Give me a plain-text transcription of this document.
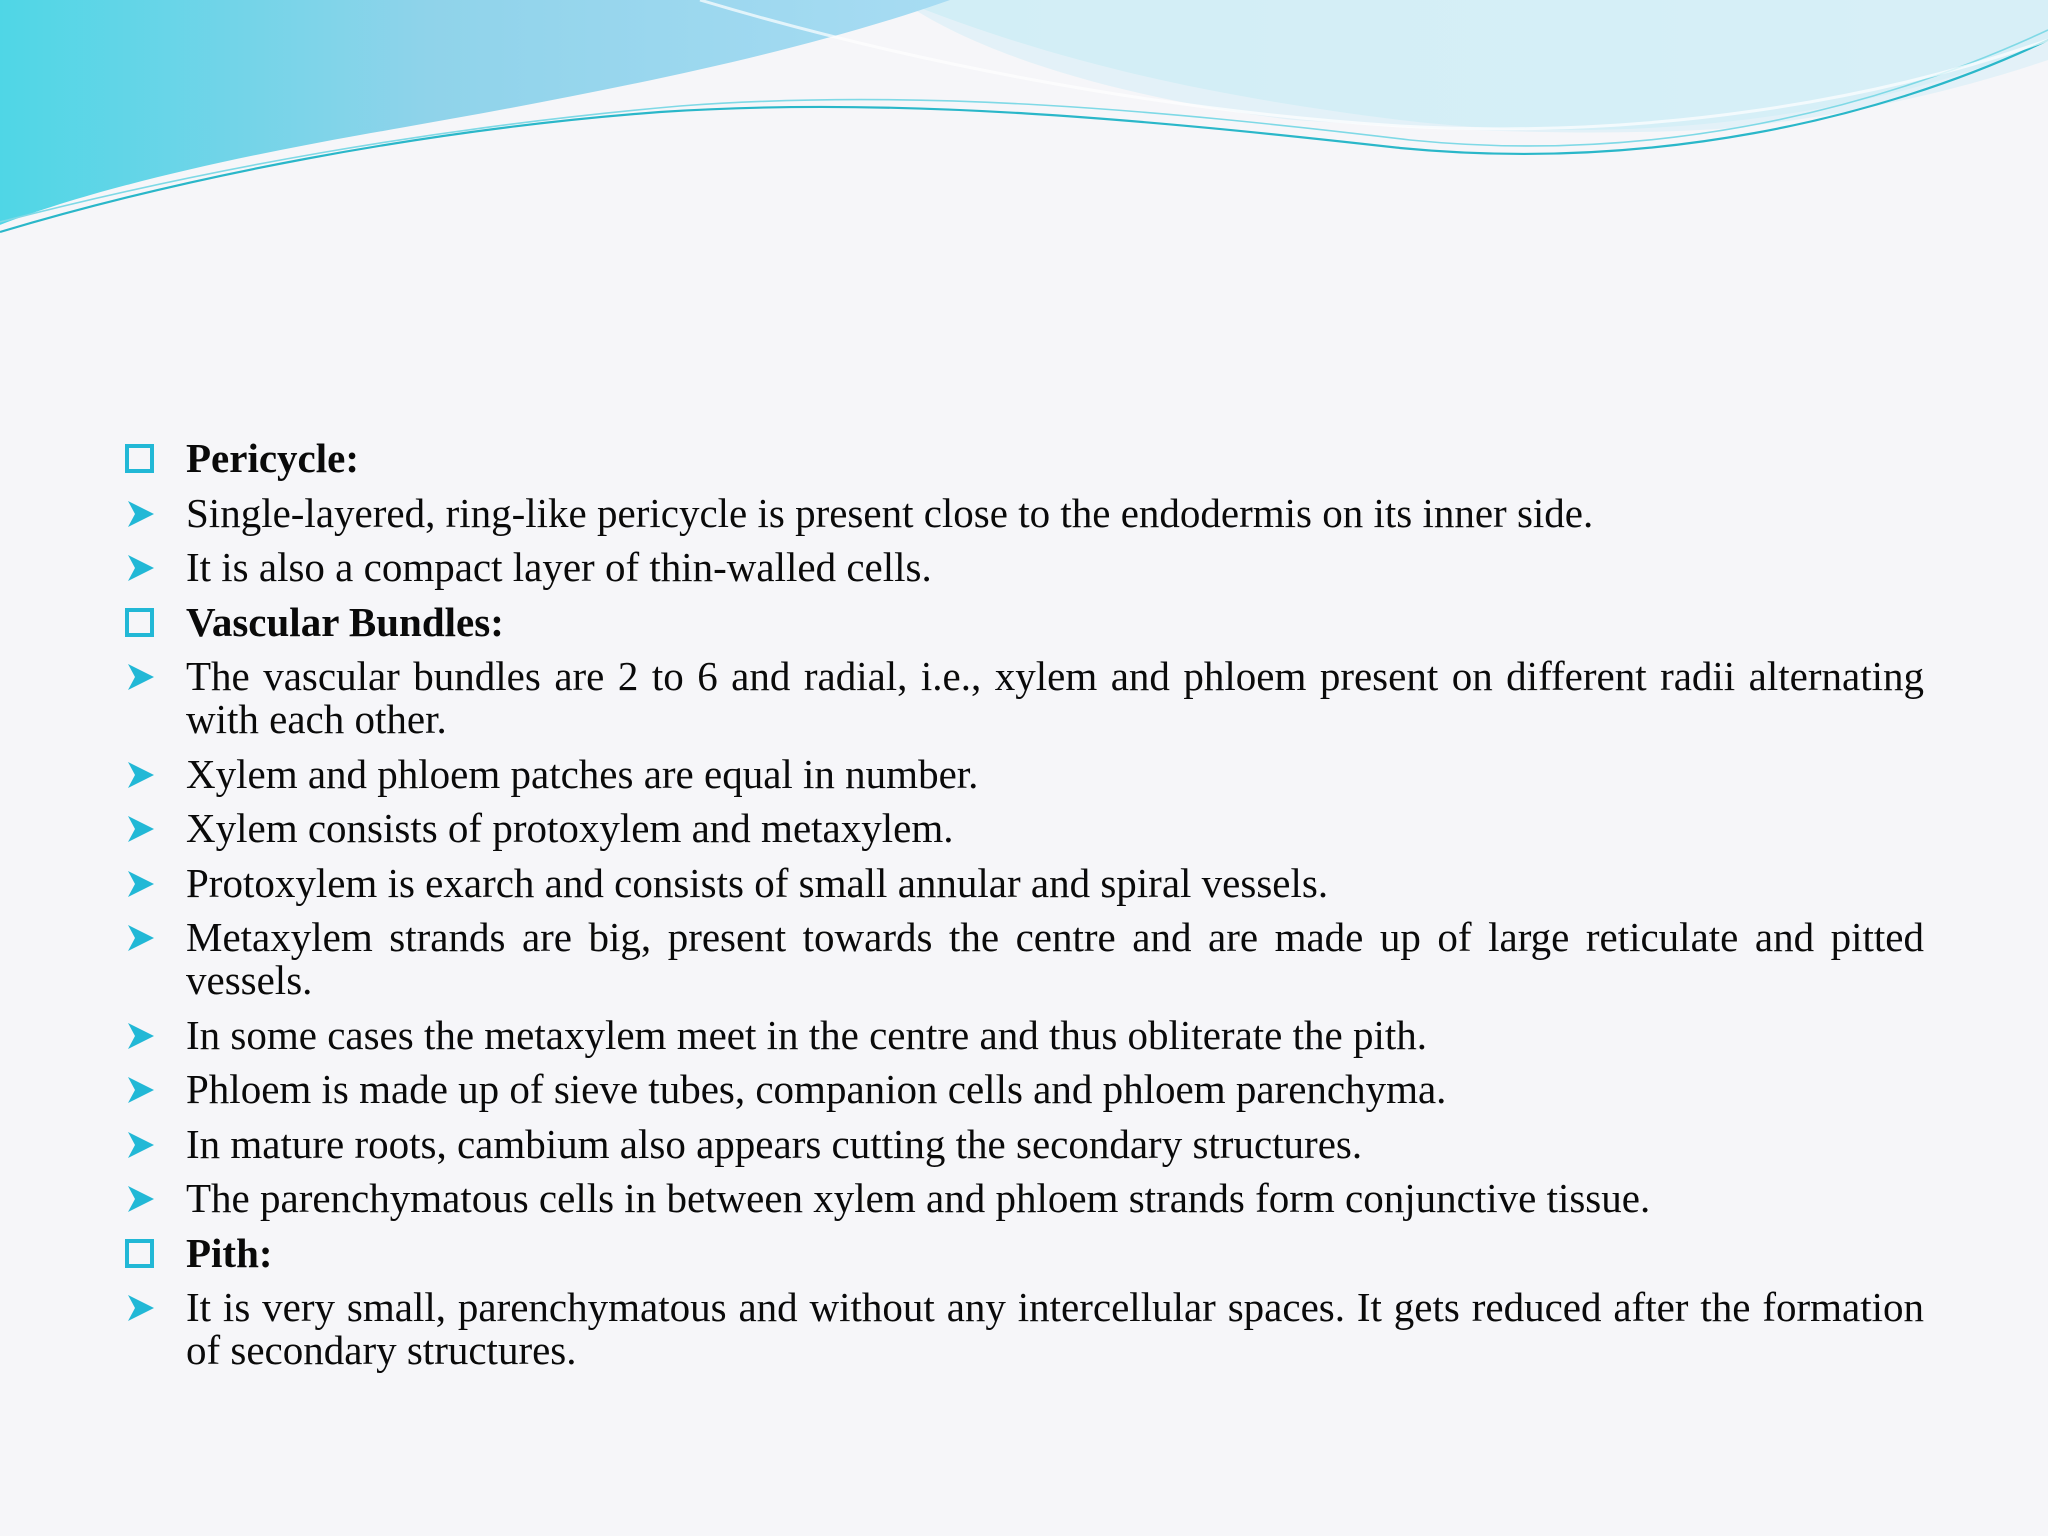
Pericycle:
Single-layered, ring-like pericycle is present close to the endodermis on its inner side.
It is also a compact layer of thin-walled cells.
Vascular Bundles:
The vascular bundles are 2 to 6 and radial, i.e., xylem and phloem present on different radii alternating with each other.
Xylem and phloem patches are equal in number.
Xylem consists of protoxylem and metaxylem.
Protoxylem is exarch and consists of small annular and spiral vessels.
Metaxylem strands are big, present towards the centre and are made up of large reticulate and pitted vessels.
In some cases the metaxylem meet in the centre and thus obliterate the pith.
Phloem is made up of sieve tubes, companion cells and phloem parenchyma.
In mature roots, cambium also appears cutting the secondary structures.
The parenchymatous cells in between xylem and phloem strands form conjunctive tissue.
Pith:
It is very small, parenchymatous and without any intercellular spaces. It gets reduced after the formation of secondary structures.
